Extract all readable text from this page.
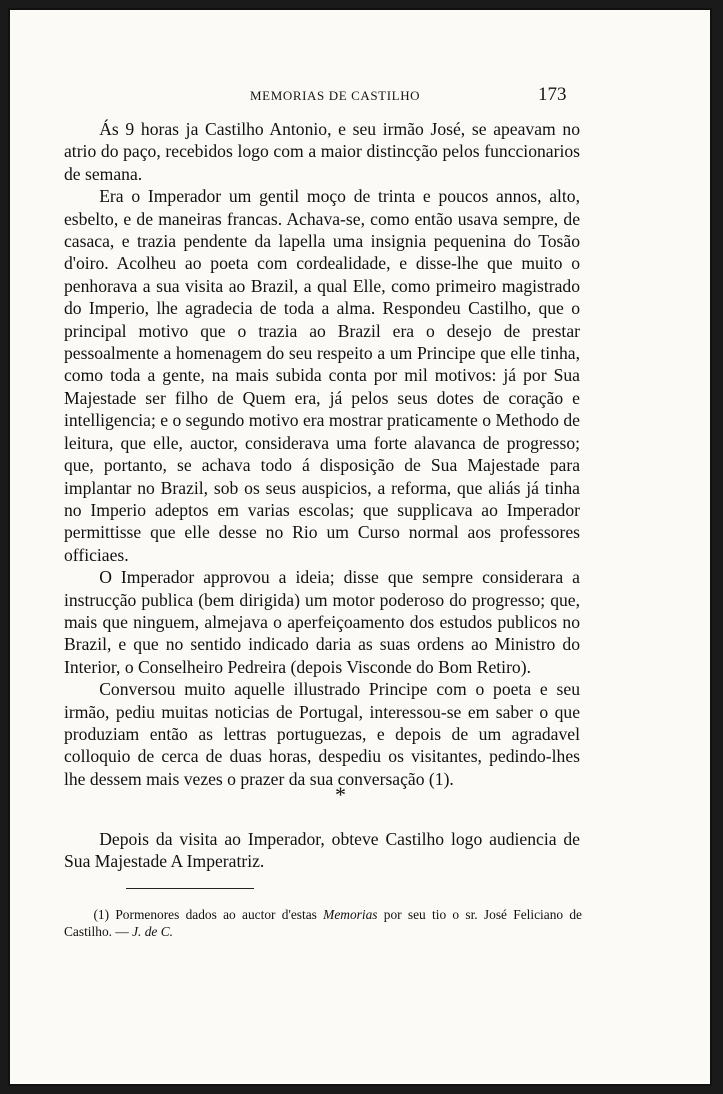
MEMORIAS DE CASTILHO	173

Ás 9 horas ja Castilho Antonio, e seu irmão José, se apeavam no atrio do paço, recebidos logo com a maior distincção pelos funccionarios de semana.

Era o Imperador um gentil moço de trinta e poucos annos, alto, esbelto, e de maneiras francas. Achava-se, como então usava sempre, de casaca, e trazia pendente da lapella uma insignia pequenina do Tosão d'oiro. Acolheu ao poeta com cordealidade, e disse-lhe que muito o penhorava a sua visita ao Brazil, a qual Elle, como primeiro magistrado do Imperio, lhe agradecia de toda a alma. Respondeu Castilho, que o principal motivo que o trazia ao Brazil era o desejo de prestar pessoalmente a homenagem do seu respeito a um Principe que elle tinha, como toda a gente, na mais subida conta por mil motivos: já por Sua Majestade ser filho de Quem era, já pelos seus dotes de coração e intelligencia; e o segundo motivo era mostrar praticamente o Methodo de leitura, que elle, auctor, considerava uma forte alavanca de progresso; que, portanto, se achava todo á disposição de Sua Majestade para implantar no Brazil, sob os seus auspicios, a reforma, que aliás já tinha no Imperio adeptos em varias escolas; que supplicava ao Imperador permittisse que elle desse no Rio um Curso normal aos professores officiaes.

O Imperador approvou a ideia; disse que sempre considerara a instrucção publica (bem dirigida) um motor poderoso do progresso; que, mais que ninguem, almejava o aperfeiçoamento dos estudos publicos no Brazil, e que no sentido indicado daria as suas ordens ao Ministro do Interior, o Conselheiro Pedreira (depois Visconde do Bom Retiro).

Conversou muito aquelle illustrado Principe com o poeta e seu irmão, pediu muitas noticias de Portugal, interessou-se em saber o que produziam então as lettras portuguezas, e depois de um agradavel colloquio de cerca de duas horas, despediu os visitantes, pedindo-lhes lhe dessem mais vezes o prazer da sua conversação (1).

*

Depois da visita ao Imperador, obteve Castilho logo audiencia de Sua Majestade A Imperatriz.

(1) Pormenores dados ao auctor d'estas Memorias por seu tio o sr. José Feliciano de Castilho. — J. de C.
